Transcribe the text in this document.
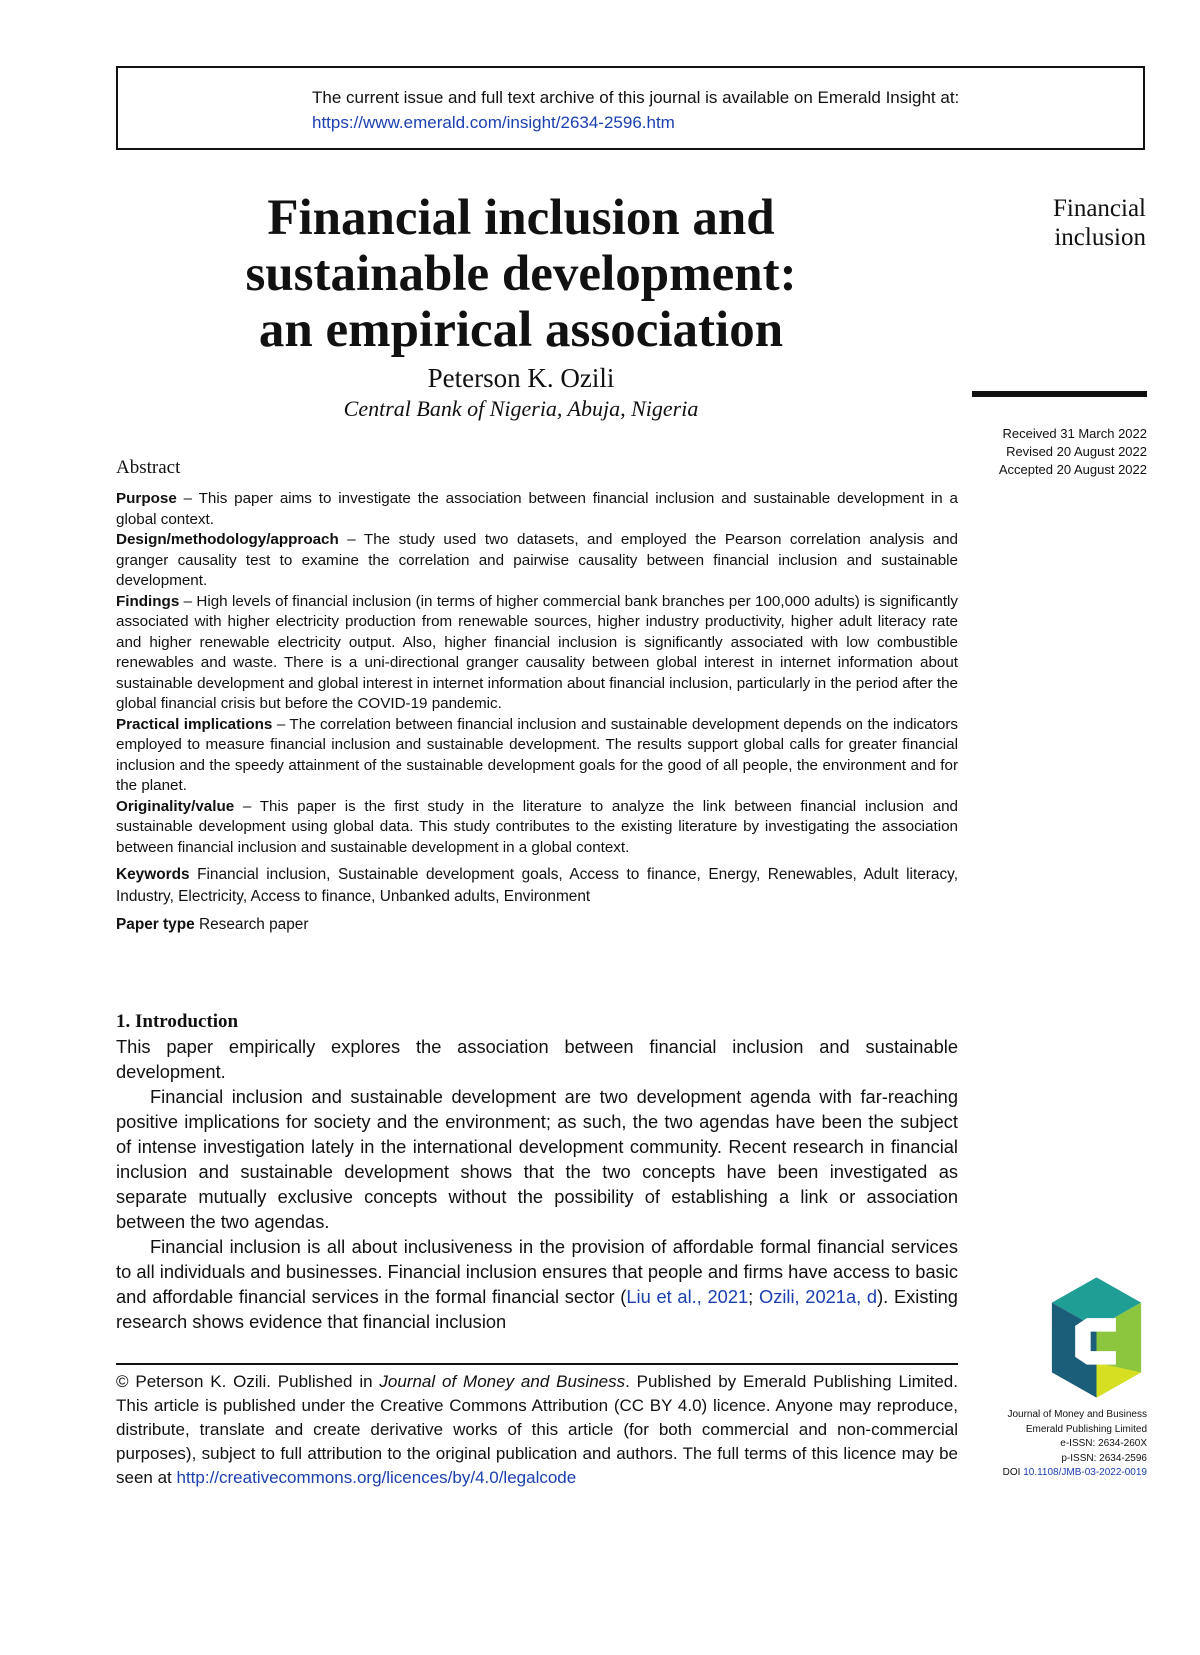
The current issue and full text archive of this journal is available on Emerald Insight at:
https://www.emerald.com/insight/2634-2596.htm
Financial
inclusion
Received 31 March 2022
Revised 20 August 2022
Accepted 20 August 2022
Financial inclusion and
sustainable development:
an empirical association
Peterson K. Ozili
Central Bank of Nigeria, Abuja, Nigeria
Abstract

Purpose – This paper aims to investigate the association between financial inclusion and sustainable development in a global context.

Design/methodology/approach – The study used two datasets, and employed the Pearson correlation analysis and granger causality test to examine the correlation and pairwise causality between financial inclusion and sustainable development.

Findings – High levels of financial inclusion (in terms of higher commercial bank branches per 100,000 adults) is significantly associated with higher electricity production from renewable sources, higher industry productivity, higher adult literacy rate and higher renewable electricity output. Also, higher financial inclusion is significantly associated with low combustible renewables and waste. There is a uni-directional granger causality between global interest in internet information about sustainable development and global interest in internet information about financial inclusion, particularly in the period after the global financial crisis but before the COVID-19 pandemic.

Practical implications – The correlation between financial inclusion and sustainable development depends on the indicators employed to measure financial inclusion and sustainable development. The results support global calls for greater financial inclusion and the speedy attainment of the sustainable development goals for the good of all people, the environment and for the planet.

Originality/value – This paper is the first study in the literature to analyze the link between financial inclusion and sustainable development using global data. This study contributes to the existing literature by investigating the association between financial inclusion and sustainable development in a global context.

Keywords Financial inclusion, Sustainable development goals, Access to finance, Energy, Renewables, Adult literacy, Industry, Electricity, Access to finance, Unbanked adults, Environment

Paper type Research paper

1. Introduction

This paper empirically explores the association between financial inclusion and sustainable development.

Financial inclusion and sustainable development are two development agenda with far-reaching positive implications for society and the environment; as such, the two agendas have been the subject of intense investigation lately in the international development community. Recent research in financial inclusion and sustainable development shows that the two concepts have been investigated as separate mutually exclusive concepts without the possibility of establishing a link or association between the two agendas.

Financial inclusion is all about inclusiveness in the provision of affordable formal financial services to all individuals and businesses. Financial inclusion ensures that people and firms have access to basic and affordable financial services in the formal financial sector (Liu et al., 2021; Ozili, 2021a, d). Existing research shows evidence that financial inclusion

© Peterson K. Ozili. Published in Journal of Money and Business. Published by Emerald Publishing Limited. This article is published under the Creative Commons Attribution (CC BY 4.0) licence. Anyone may reproduce, distribute, translate and create derivative works of this article (for both commercial and non-commercial purposes), subject to full attribution to the original publication and authors. The full terms of this licence may be seen at http://creativecommons.org/licences/by/4.0/legalcode
Journal of Money and Business
Emerald Publishing Limited
e-ISSN: 2634-260X
p-ISSN: 2634-2596
DOI 10.1108/JMB-03-2022-0019
